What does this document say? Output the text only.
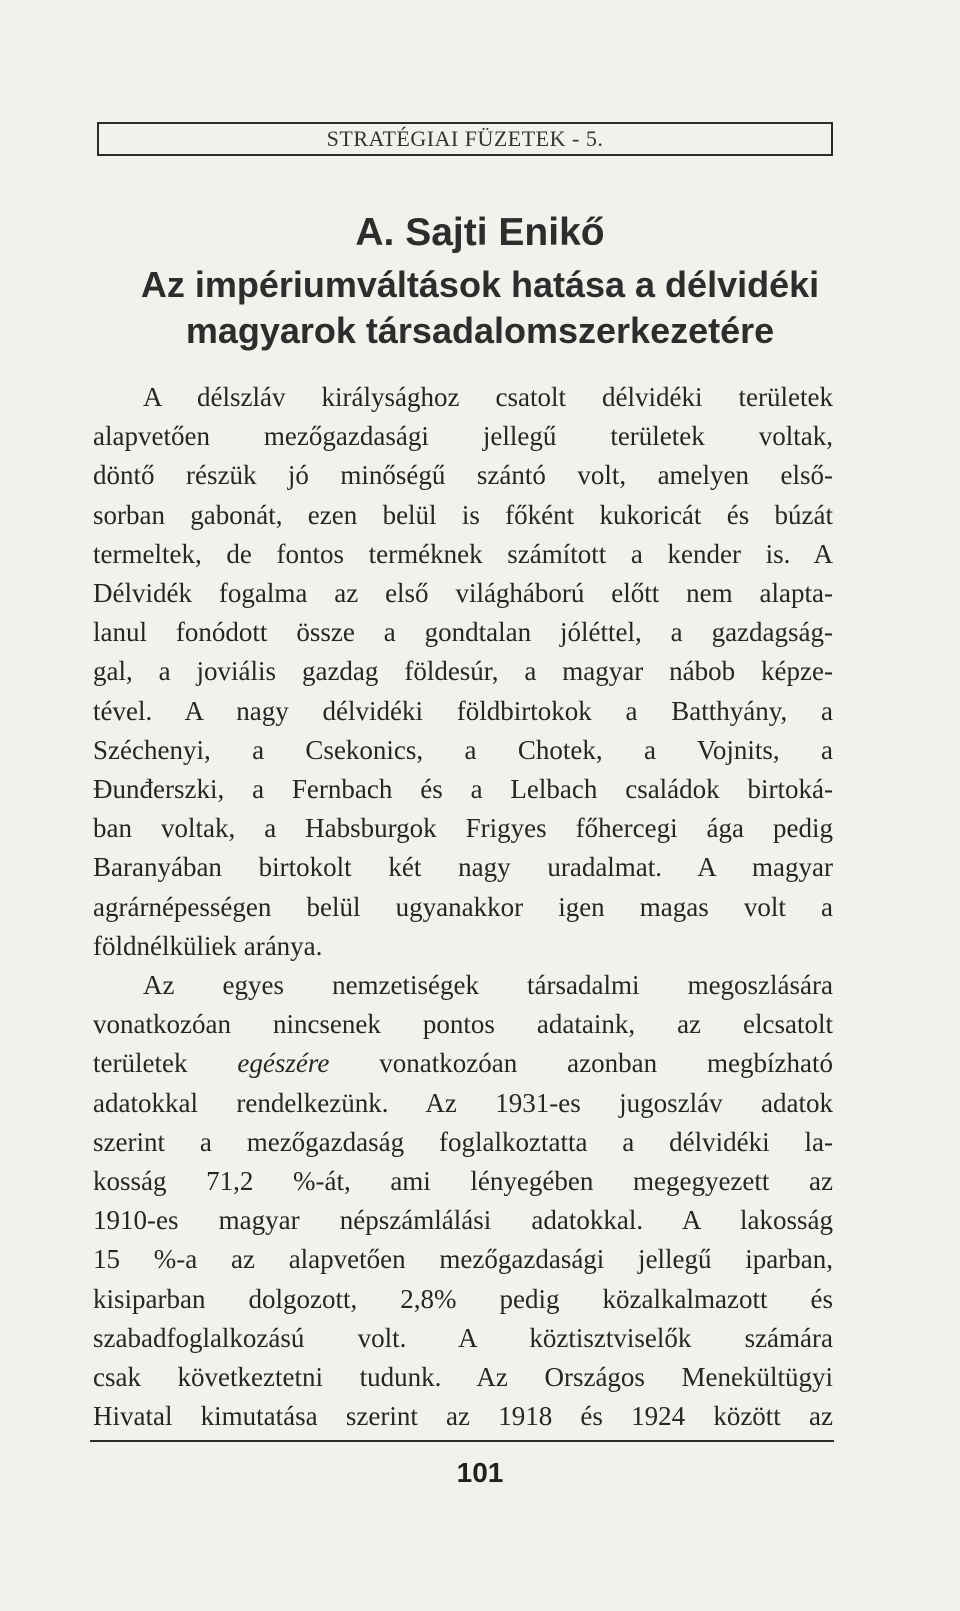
STRATÉGIAI FÜZETEK - 5.
A. Sajti Enikő
Az impériumváltások hatása a délvidéki
magyarok társadalomszerkezetére
A délszláv királysághoz csatolt délvidéki területek
alapvetően mezőgazdasági jellegű területek voltak,
döntő részük jó minőségű szántó volt, amelyen első-
sorban gabonát, ezen belül is főként kukoricát és búzát
termeltek, de fontos terméknek számított a kender is. A
Délvidék fogalma az első világháború előtt nem alapta-
lanul fonódott össze a gondtalan jóléttel, a gazdagság-
gal, a joviális gazdag földesúr, a magyar nábob képze-
tével. A nagy délvidéki földbirtokok a Batthyány, a
Széchenyi, a Csekonics, a Chotek, a Vojnits, a
Đunđerszki, a Fernbach és a Lelbach családok birtoká-
ban voltak, a Habsburgok Frigyes főhercegi ága pedig
Baranyában birtokolt két nagy uradalmat. A magyar
agrárnépességen belül ugyanakkor igen magas volt a
földnélküliek aránya.
Az egyes nemzetiségek társadalmi megoszlására
vonatkozóan nincsenek pontos adataink, az elcsatolt
területek egészére vonatkozóan azonban megbízható
adatokkal rendelkezünk. Az 1931-es jugoszláv adatok
szerint a mezőgazdaság foglalkoztatta a délvidéki la-
kosság 71,2 %-át, ami lényegében megegyezett az
1910-es magyar népszámlálási adatokkal. A lakosság
15 %-a az alapvetően mezőgazdasági jellegű iparban,
kisiparban dolgozott, 2,8% pedig közalkalmazott és
szabadfoglalkozású volt. A köztisztviselők számára
csak következtetni tudunk. Az Országos Menekültügyi
Hivatal kimutatása szerint az 1918 és 1924 között az
101
